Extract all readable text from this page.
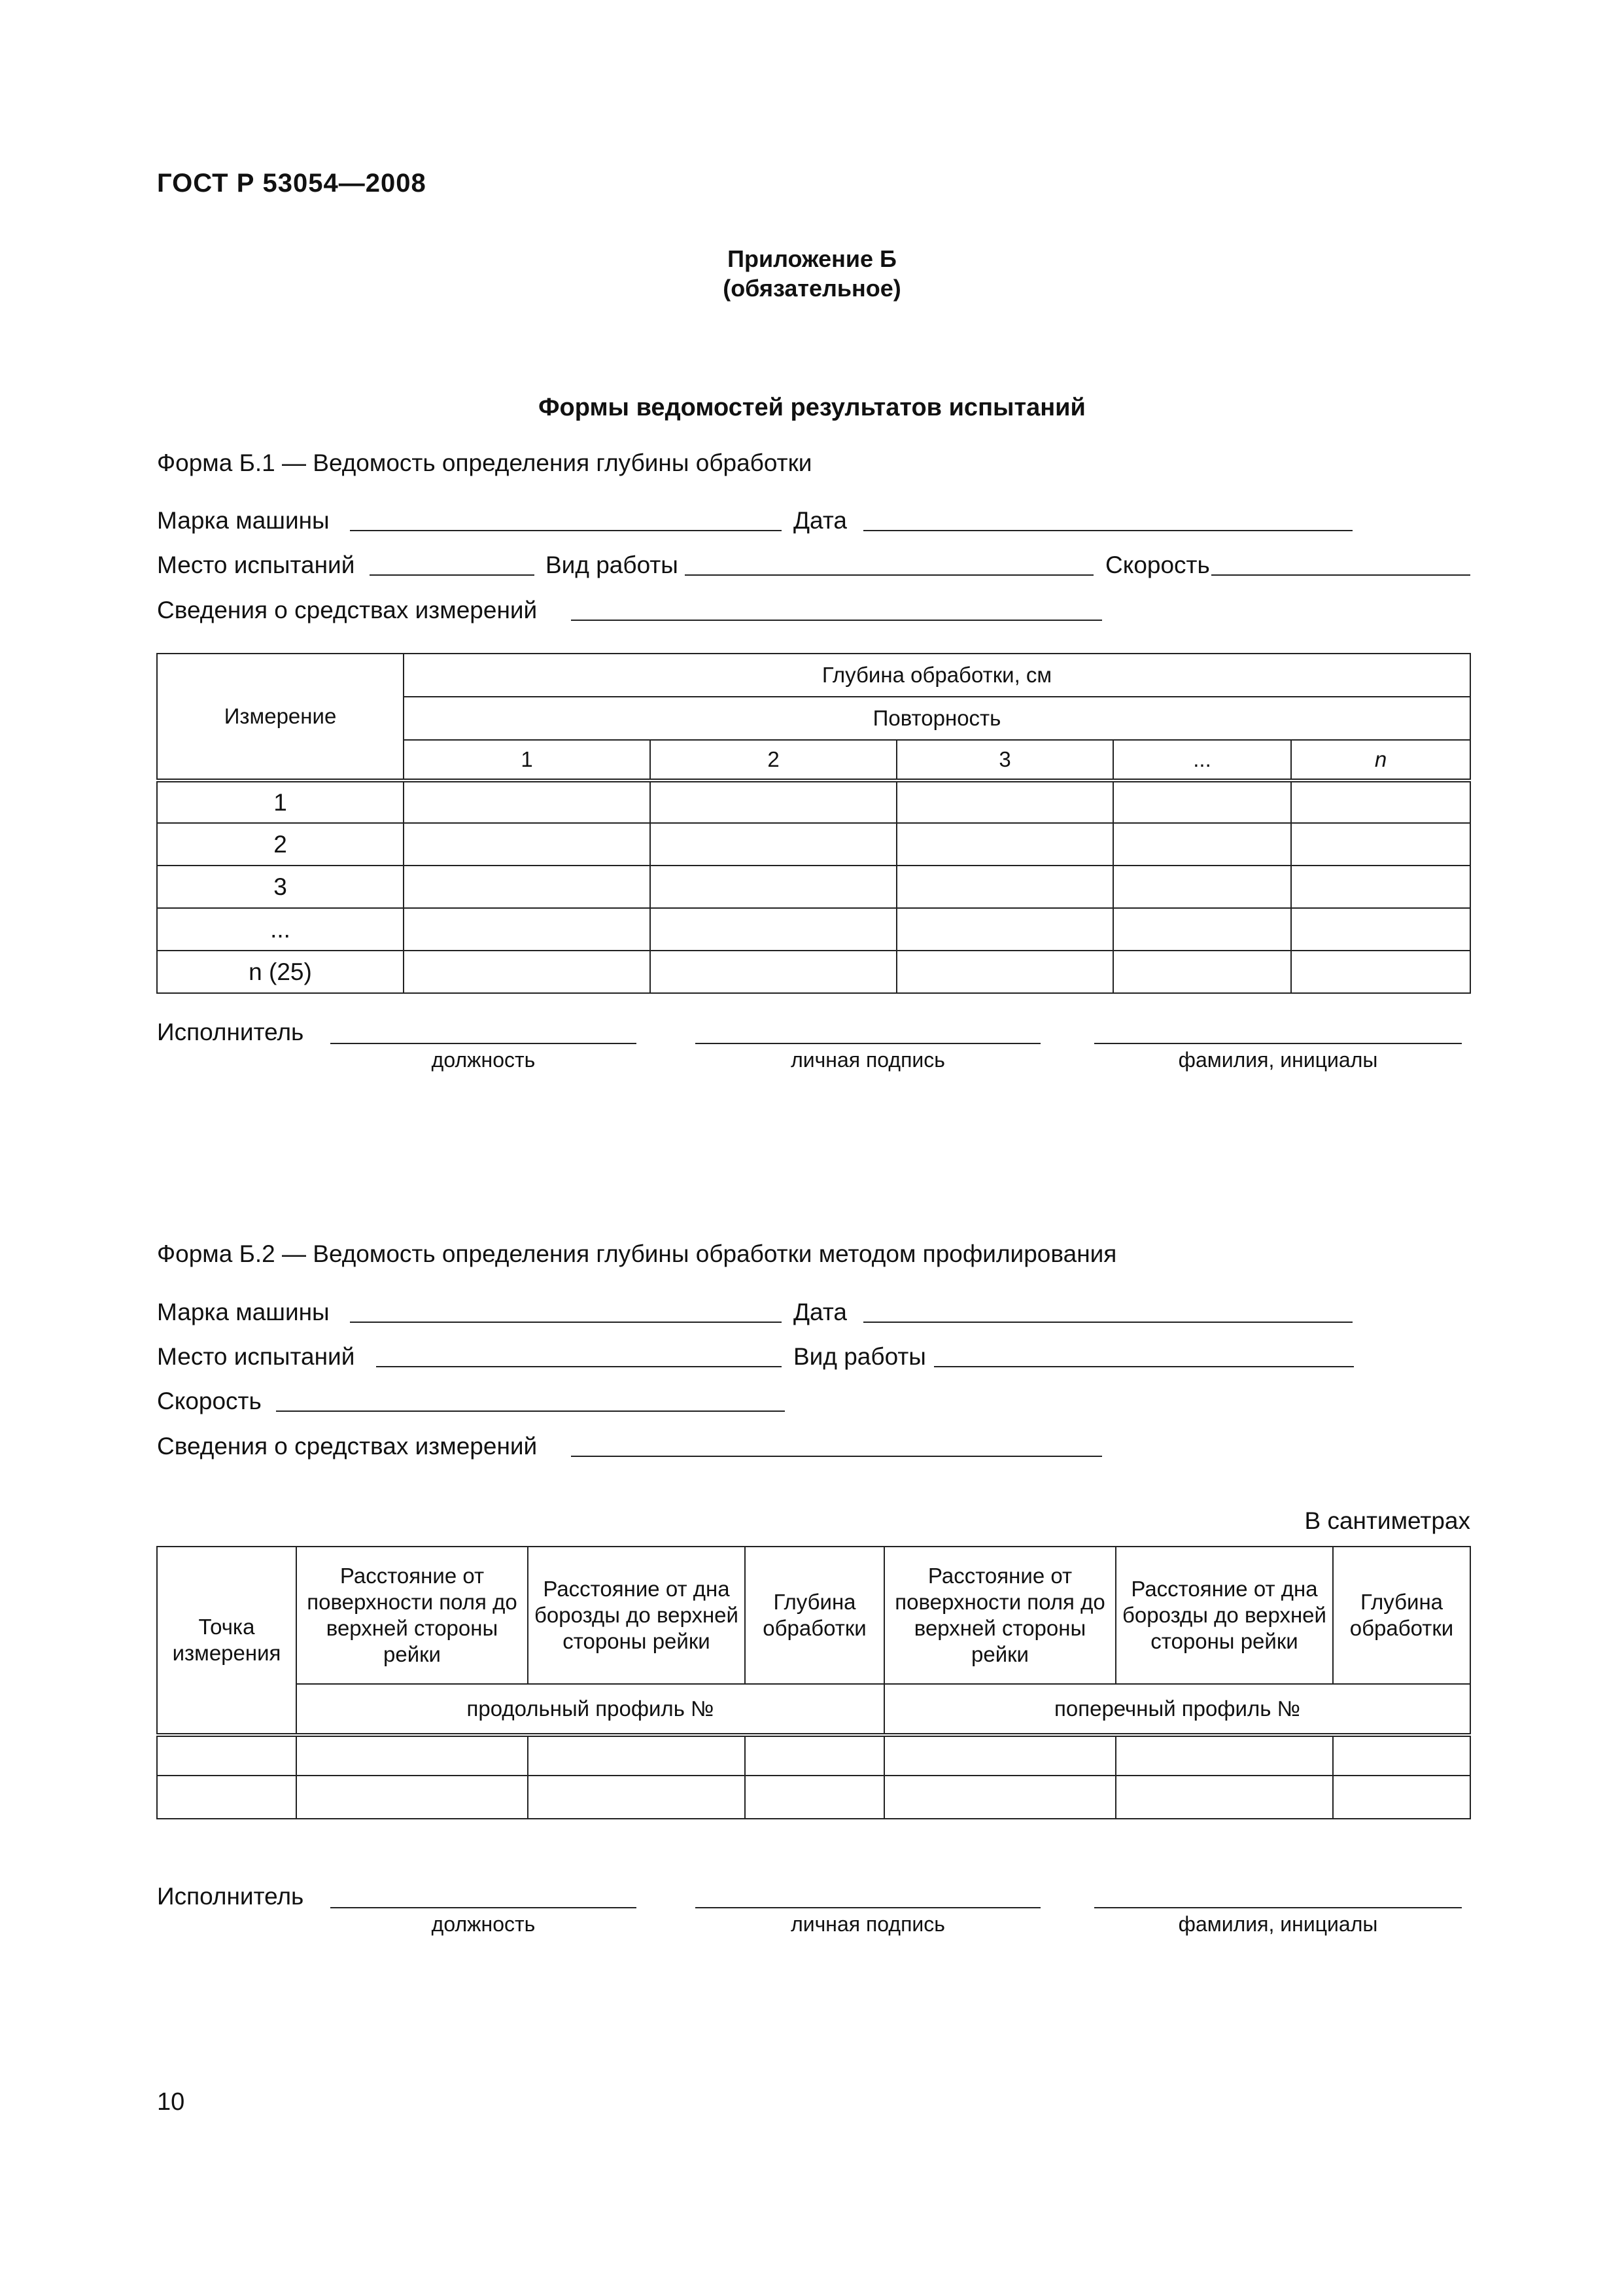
ГОСТ Р 53054—2008
Приложение Б
(обязательное)
Формы ведомостей результатов испытаний
Форма Б.1 — Ведомость определения глубины обработки
Марка машины	Дата
Место испытаний	Вид работы	Скорость
Сведения о средствах измерений
Измерение	Глубина обработки, см				
	Повторность				
	1	2	3	...	n
1					
2					
3					
...					
n (25)					
Исполнитель
должность	личная подпись	фамилия, инициалы
Форма Б.2 — Ведомость определения глубины обработки методом профилирования
Марка машины	Дата
Место испытаний	Вид работы
Скорость
Сведения о средствах измерений
В сантиметрах
Точка измерения	Расстояние от поверхности поля до верхней стороны рейки	Расстояние от дна борозды до верхней стороны рейки	Глубина обработки	Расстояние от поверхности поля до верхней стороны рейки	Расстояние от дна борозды до верхней стороны рейки	Глубина обработки
	продольный профиль №			поперечный профиль №		

Исполнитель
должность	личная подпись	фамилия, инициалы
10
